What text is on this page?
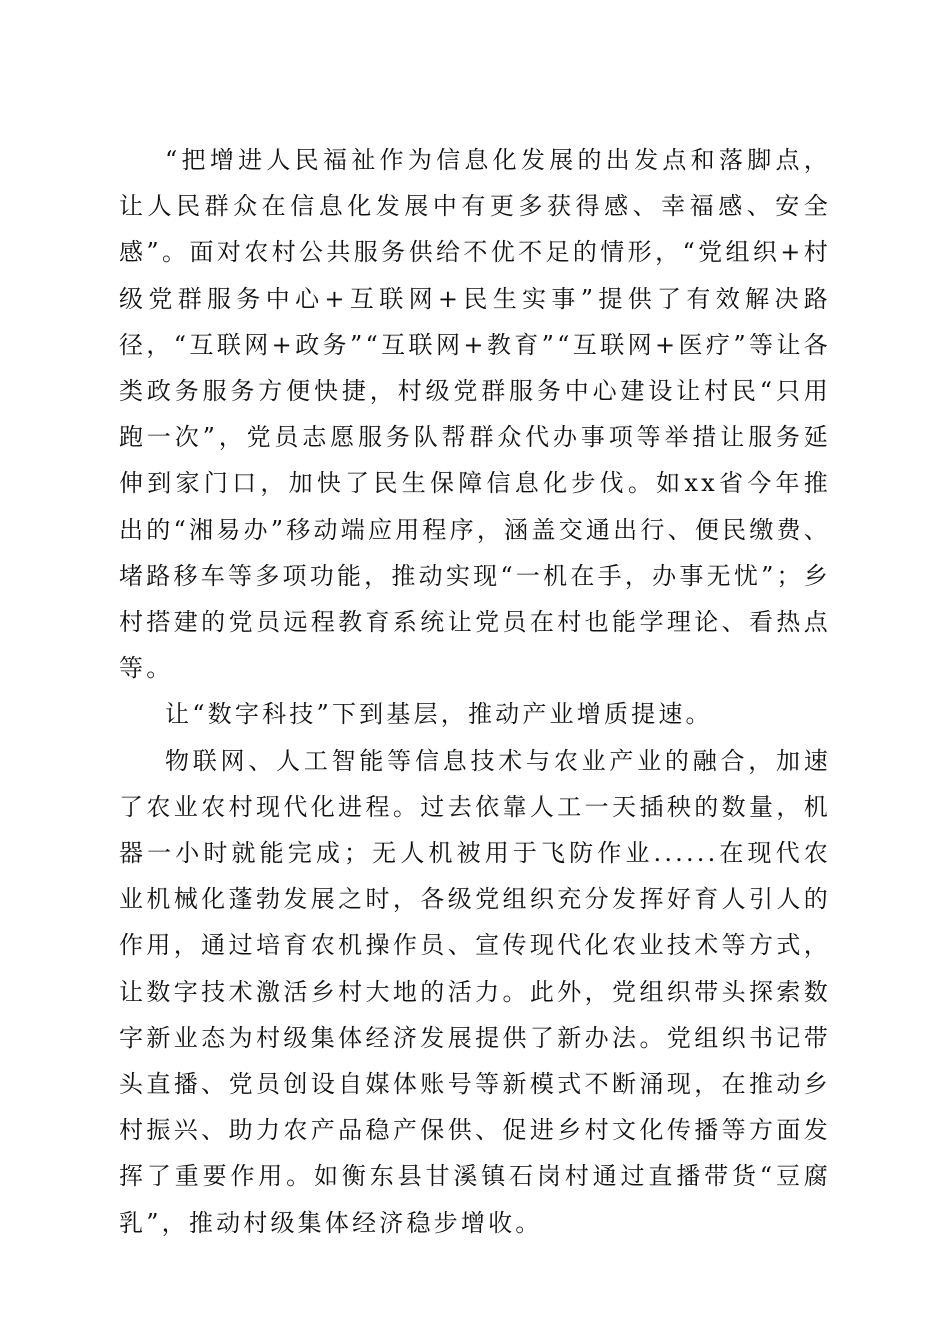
“把增进人民福祉作为信息化发展的出发点和落脚点，让人民群众在信息化发展中有更多获得感、幸福感、安全感”。面对农村公共服务供给不优不足的情形，“党组织+村级党群服务中心+互联网+民生实事”提供了有效解决路径，“互联网+政务”“互联网+教育”“互联网+医疗”等让各类政务服务方便快捷，村级党群服务中心建设让村民“只用跑一次”，党员志愿服务队帮群众代办事项等举措让服务延伸到家门口，加快了民生保障信息化步伐。如xx省今年推出的“湘易办”移动端应用程序，涵盖交通出行、便民缴费、堵路移车等多项功能，推动实现“一机在手，办事无忧”；乡村搭建的党员远程教育系统让党员在村也能学理论、看热点等。

让“数字科技”下到基层，推动产业增质提速。

物联网、人工智能等信息技术与农业产业的融合，加速了农业农村现代化进程。过去依靠人工一天插秧的数量，机器一小时就能完成；无人机被用于飞防作业......在现代农业机械化蓬勃发展之时，各级党组织充分发挥好育人引人的作用，通过培育农机操作员、宣传现代化农业技术等方式，让数字技术激活乡村大地的活力。此外，党组织带头探索数字新业态为村级集体经济发展提供了新办法。党组织书记带头直播、党员创设自媒体账号等新模式不断涌现，在推动乡村振兴、助力农产品稳产保供、促进乡村文化传播等方面发挥了重要作用。如衡东县甘溪镇石岗村通过直播带货“豆腐乳”，推动村级集体经济稳步增收。
